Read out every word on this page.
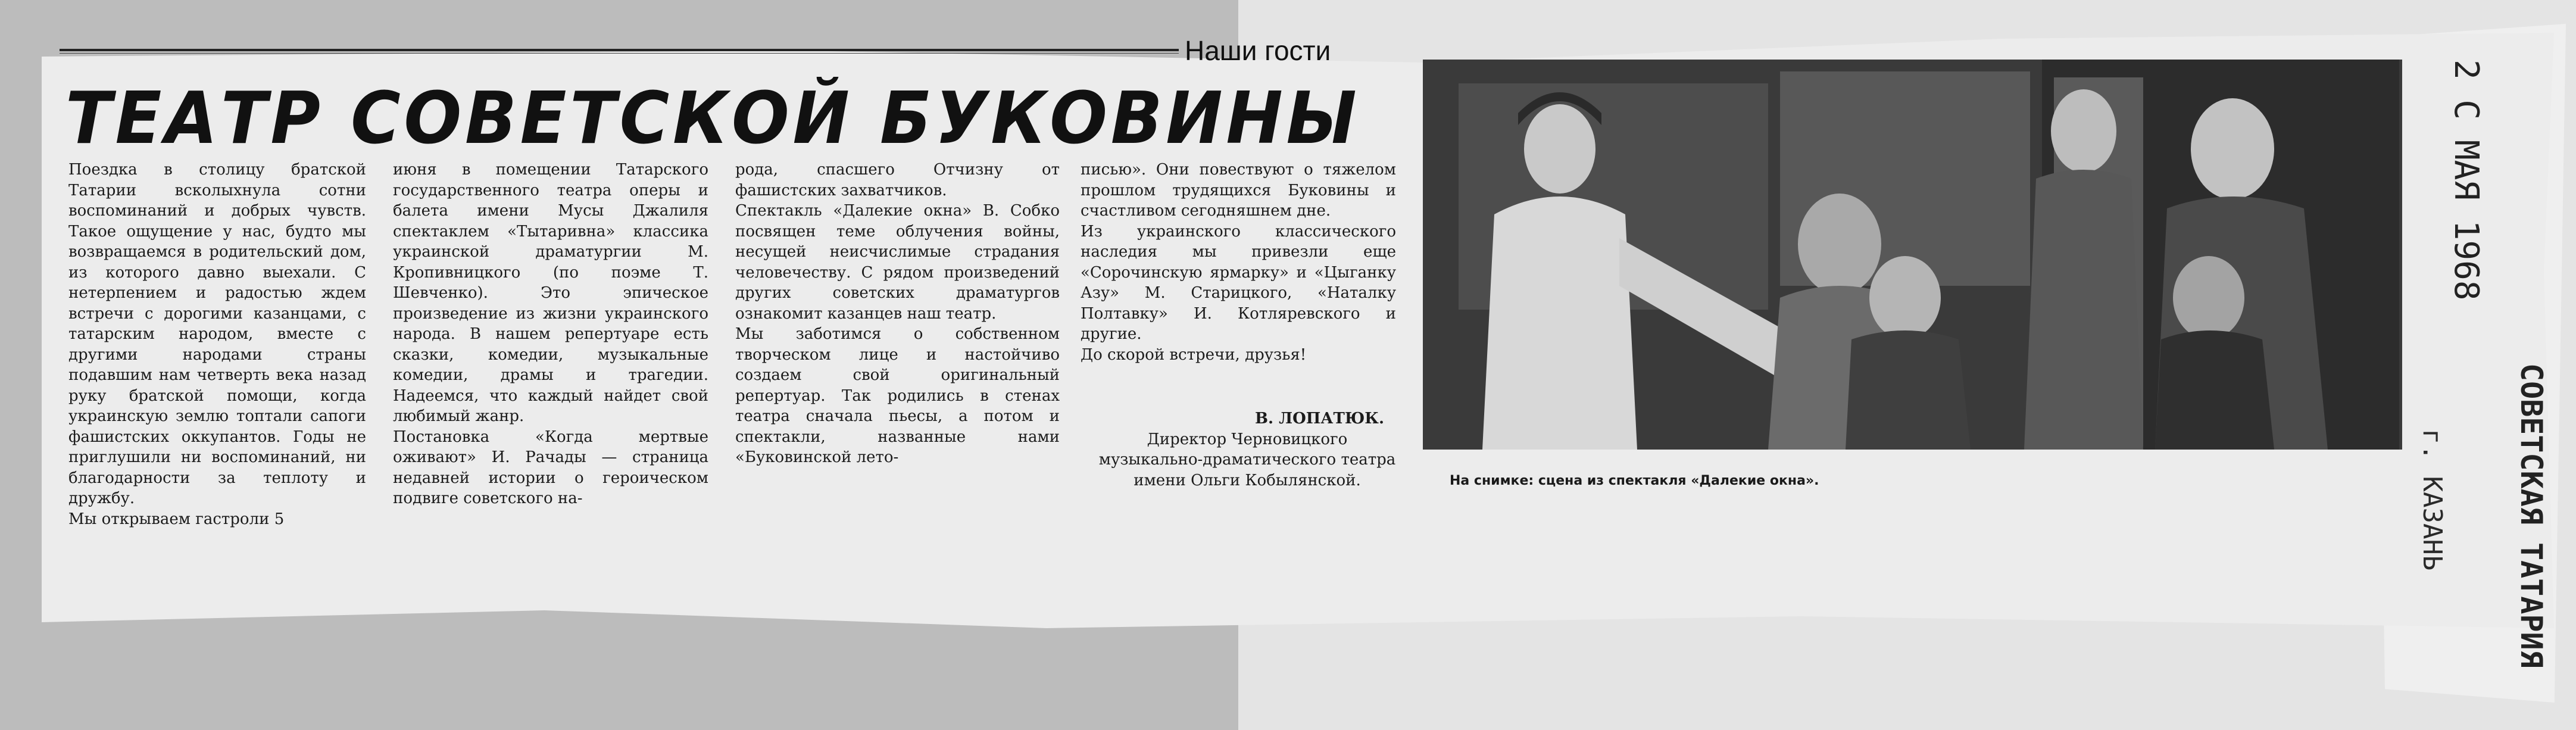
Наши гости
ТЕАТР СОВЕТСКОЙ БУКОВИНЫ
Поездка в столицу братской Татарии всколыхнула сотни воспоминаний и добрых чувств. Такое ощущение у нас, будто мы возвращаемся в родительский дом, из которого давно выехали. С нетерпением и радостью ждем встречи с дорогими казанцами, с татарским народом, вместе с другими народами страны подавшим нам четверть века назад руку братской помощи, когда украинскую землю топтали сапоги фашистских оккупантов. Годы не приглушили ни воспоминаний, ни благодарности за теплоту и дружбу.
Мы открываем гастроли 5
июня в помещении Татарского государственного театра оперы и балета имени Мусы Джалиля спектаклем «Тытаривна» классика украинской драматургии М. Кропивницкого (по поэме Т. Шевченко). Это эпическое произведение из жизни украинского народа. В нашем репертуаре есть сказки, комедии, музыкальные комедии, драмы и трагедии. Надеемся, что каждый найдет свой любимый жанр.
Постановка «Когда мертвые оживают» И. Рачады — страница недавней истории о героическом подвиге советского на-
рода, спасшего Отчизну от фашистских захватчиков.
Спектакль «Далекие окна» В. Собко посвящен теме облучения войны, несущей неисчислимые страдания человечеству. С рядом произведений других советских драматургов ознакомит казанцев наш театр.
Мы заботимся о собственном творческом лице и настойчиво создаем свой оригинальный репертуар. Так родились в стенах театра сначала пьесы, а потом и спектакли, названные нами «Буковинской лето-
писью». Они повествуют о тяжелом прошлом трудящихся Буковины и счастливом сегодняшнем дне.
Из украинского классического наследия мы привезли еще «Сорочинскую ярмарку» и «Цыганку Азу» М. Старицкого, «Наталку Полтавку» И. Котляревского и другие.
До скорой встречи, друзья!
В. ЛОПАТЮК.
Директор Черновицкого музыкально-драматического театра имени Ольги Кобылянской.	На снимке: сцена из спектакля «Далекие окна».
2 С МАЯ 1968
СОВЕТСКАЯ ТАТАРИЯ
г. КАЗАНЬ
